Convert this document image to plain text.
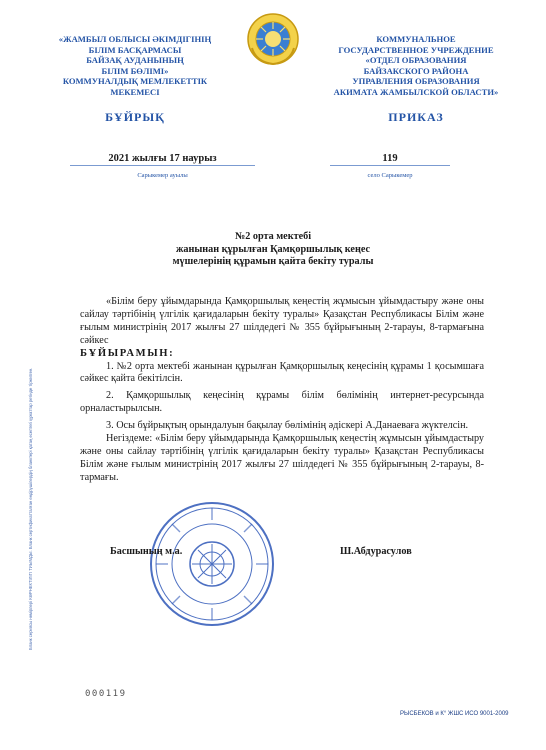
«ЖАМБЫЛ ОБЛЫСЫ ӘКІМДІГІНІҢ
БІЛІМ БАСҚАРМАСЫ
БАЙЗАҚ АУДАНЫНЫҢ
БІЛІМ БӨЛІМІ»
КОММУНАЛДЫҚ МЕМЛЕКЕТТІК
МЕКЕМЕСІ
БҰЙРЫҚ
КОММУНАЛЬНОЕ
ГОСУДАРСТВЕННОЕ УЧРЕЖДЕНИЕ
«ОТДЕЛ ОБРАЗОВАНИЯ
БАЙЗАКСКОГО РАЙОНА
УПРАВЛЕНИЯ ОБРАЗОВАНИЯ
АКИМАТА ЖАМБЫЛСКОЙ ОБЛАСТИ»
ПРИКАЗ
2021 жылғы 17 наурыз
Сарыкемер ауылы
119
село Сарыкемер
№2 орта мектебі
жанынан құрылған Қамқоршылық кеңес
мүшелерінің құрамын қайта бекіту туралы

«Білім беру ұйымдарында Қамқоршылық кеңестің жұмысын ұйымдастыру және оны сайлау тәртібінің үлгілік қағидаларын бекіту туралы» Қазақстан Республикасы Білім және ғылым министрінің 2017 жылғы 27 шілдедегі № 355 бұйрығының 2-тарауы, 8-тармағына сәйкес

БҰЙЫРАМЫН:

1. №2 орта мектебі жанынан құрылған Қамқоршылық кеңесінің құрамы 1 қосымшаға сәйкес қайта бекітілсін.

2. Қамқоршылық кеңесінің құрамы білім бөлімінің интернет-ресурсында орналастырылсын.

3. Осы бұйрықтың орындалуын бақылау бөлімінің әдіскері А.Данаеваға жүктелсін.

Негіздеме: «Білім беру ұйымдарында Қамқоршылық кеңестің жұмысын ұйымдастыру және оны сайлау тәртібінің үлгілік қағидаларын бекіту туралы» Қазақстан Республикасы Білім және ғылым министрінің 2017 жылғы 27 шілдедегі № 355 бұйрығының 2-тарауы, 8-тармағы.

Басшының м.а.	Ш.Абдурасулов
000119
РЫСБЕКОВ и К° ЖШС ИСО 9001-2009
Бланк сериясы нөмірлері КӨРНЕКТІЛІГІ ТИЫМДЫ. Бланк сертификатталған өндірушілердің бланктері қатаң есептегі құжаттар ретінде тіркелген.
